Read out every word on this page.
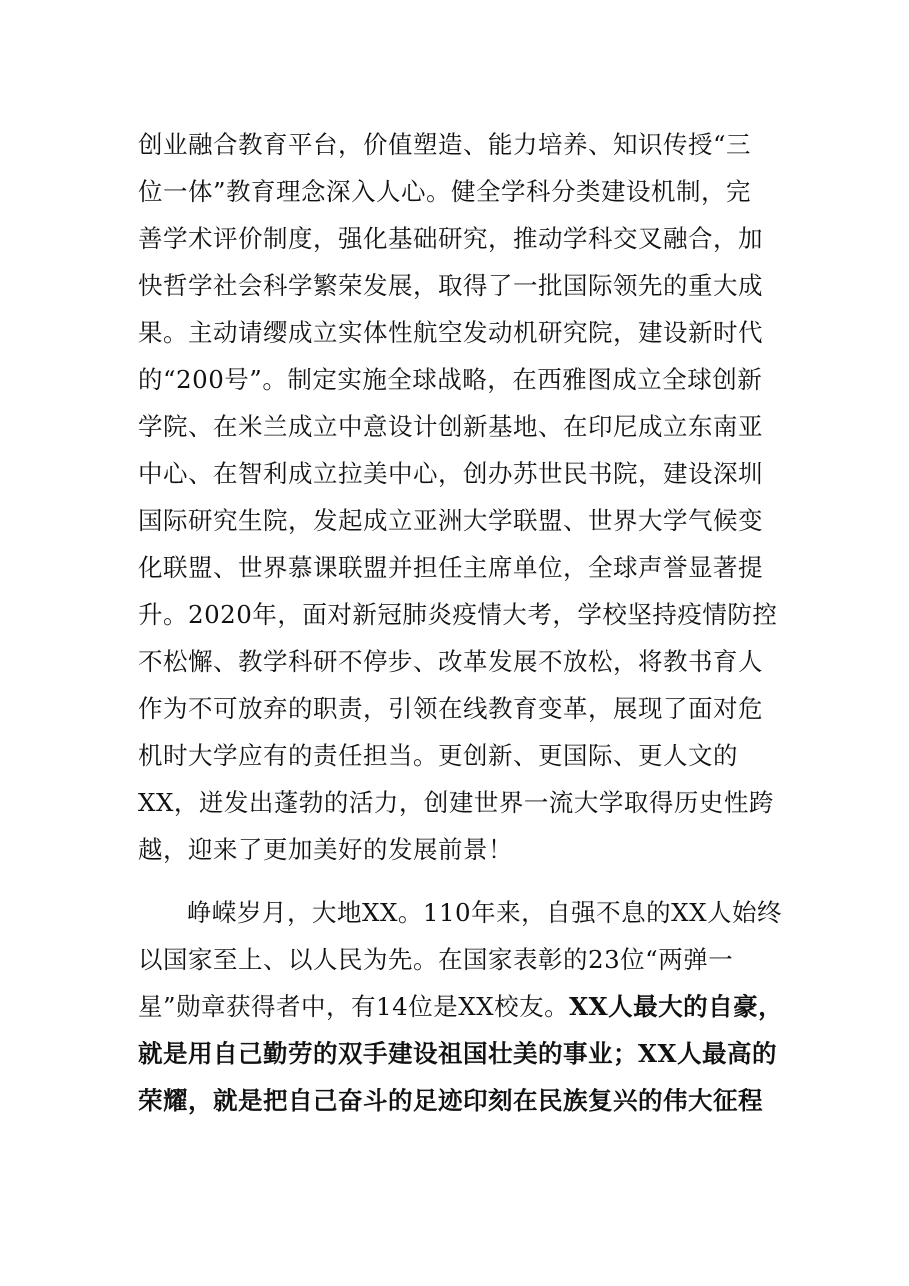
创业融合教育平台，价值塑造、能力培养、知识传授“三
位一体”教育理念深入人心。健全学科分类建设机制，完
善学术评价制度，强化基础研究，推动学科交叉融合，加
快哲学社会科学繁荣发展，取得了一批国际领先的重大成
果。主动请缨成立实体性航空发动机研究院，建设新时代
的“200号”。制定实施全球战略，在西雅图成立全球创新
学院、在米兰成立中意设计创新基地、在印尼成立东南亚
中心、在智利成立拉美中心，创办苏世民书院，建设深圳
国际研究生院，发起成立亚洲大学联盟、世界大学气候变
化联盟、世界慕课联盟并担任主席单位，全球声誉显著提
升。2020年，面对新冠肺炎疫情大考，学校坚持疫情防控
不松懈、教学科研不停步、改革发展不放松，将教书育人
作为不可放弃的职责，引领在线教育变革，展现了面对危
机时大学应有的责任担当。更创新、更国际、更人文的
XX，迸发出蓬勃的活力，创建世界一流大学取得历史性跨
越，迎来了更加美好的发展前景！
峥嵘岁月，大地XX。110年来，自强不息的XX人始终
以国家至上、以人民为先。在国家表彰的23位“两弹一
星”勋章获得者中，有14位是XX校友。XX人最大的自豪，
就是用自己勤劳的双手建设祖国壮美的事业；XX人最高的
荣耀，就是把自己奋斗的足迹印刻在民族复兴的伟大征程
